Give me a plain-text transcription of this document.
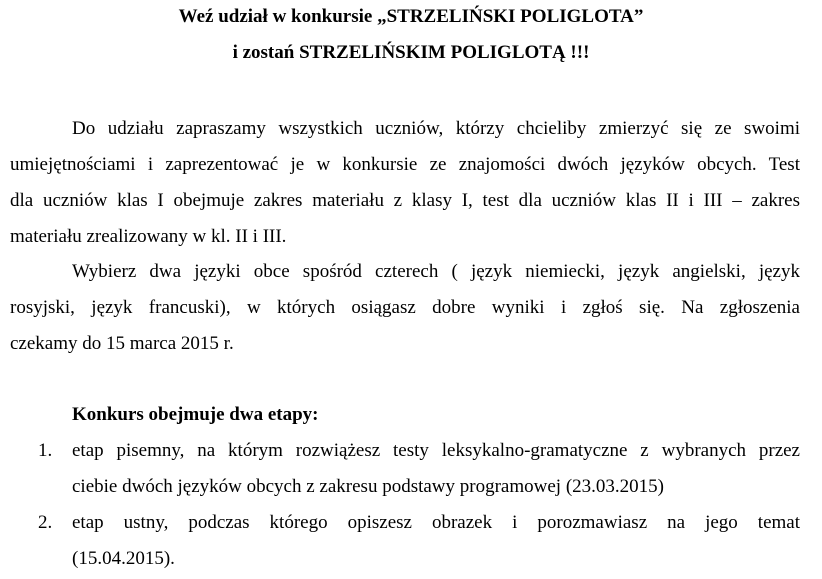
Weź udział w konkursie „STRZELIŃSKI POLIGLOTA”
i zostań STRZELIŃSKIM POLIGLOTĄ !!!
Do udziału zapraszamy wszystkich uczniów, którzy chcieliby zmierzyć się ze swoimi
umiejętnościami i zaprezentować je w konkursie ze znajomości dwóch języków obcych. Test
dla uczniów klas I obejmuje zakres materiału z klasy I, test dla uczniów klas II i III – zakres
materiału zrealizowany w kl. II i III.
Wybierz dwa języki obce spośród czterech ( język niemiecki, język angielski, język
rosyjski, język francuski), w których osiągasz dobre wyniki i zgłoś się. Na zgłoszenia
czekamy do 15 marca 2015 r.
Konkurs obejmuje dwa etapy:
1. etap pisemny, na którym rozwiążesz testy leksykalno-gramatyczne z wybranych przez
ciebie dwóch języków obcych z zakresu podstawy programowej (23.03.2015)
2. etap ustny, podczas którego opiszesz obrazek i porozmawiasz na jego temat
(15.04.2015).
